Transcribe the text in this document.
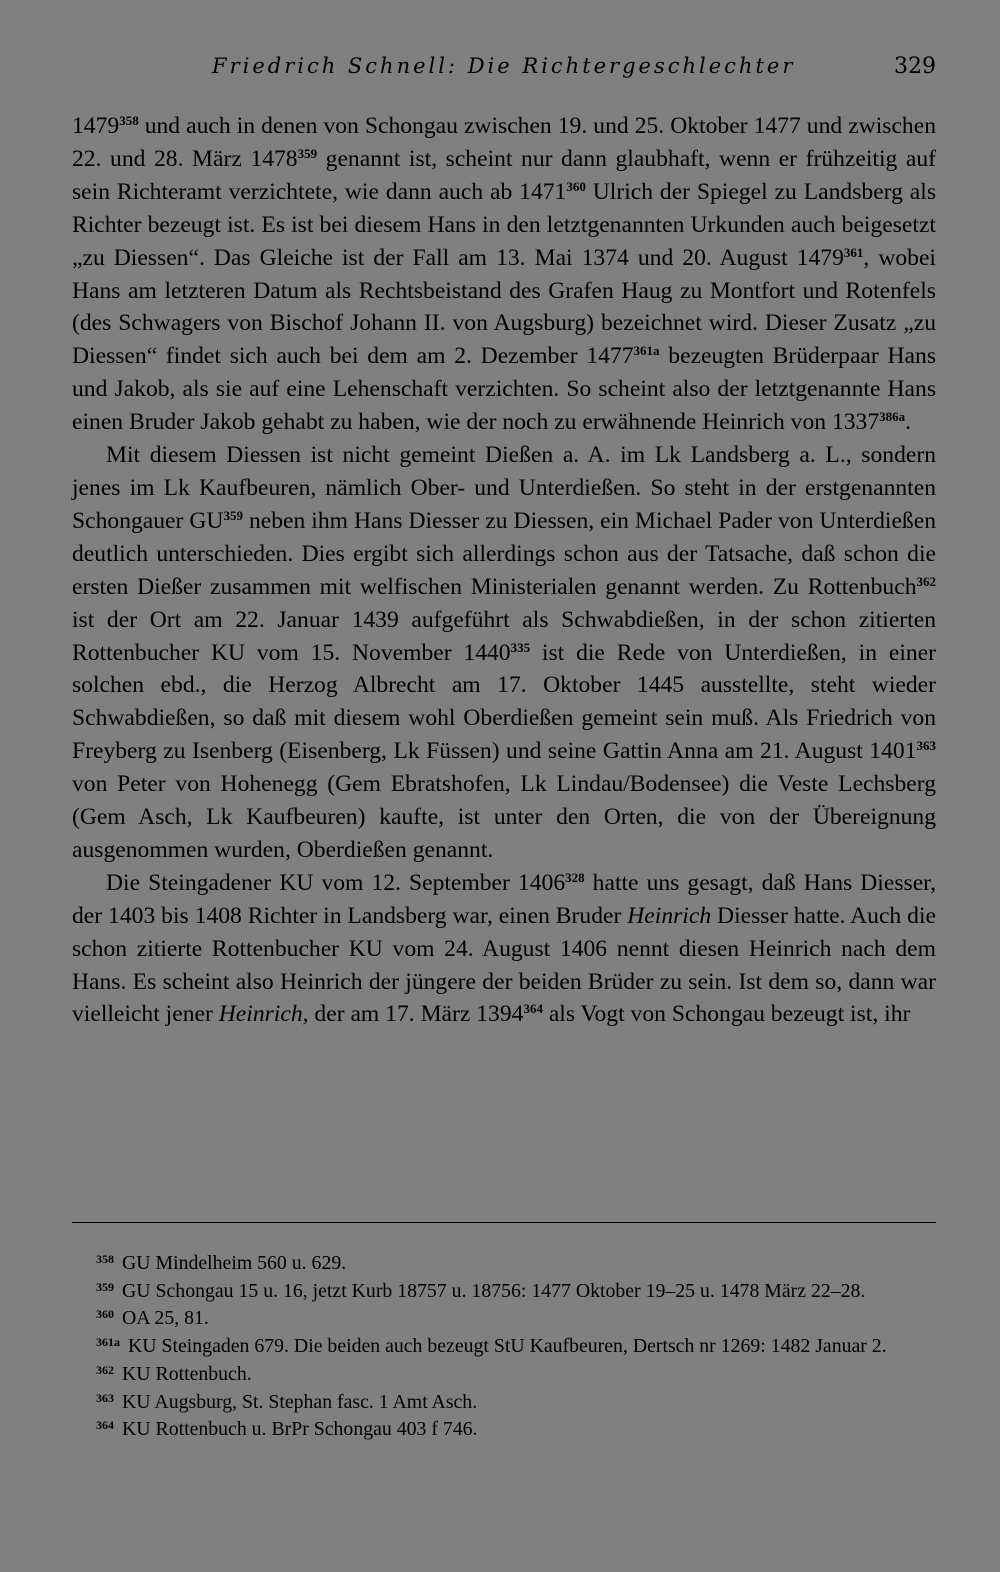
Friedrich Schnell: Die Richtergeschlechter	329

1479$^{358}$ und auch in denen von Schongau zwischen 19. und 25. Oktober 1477 und zwischen 22. und 28. März 1478$^{359}$ genannt ist, scheint nur dann glaubhaft, wenn er frühzeitig auf sein Richteramt verzichtete, wie dann auch ab 1471$^{360}$ Ulrich der Spiegel zu Landsberg als Richter bezeugt ist. Es ist bei diesem Hans in den letztgenannten Urkunden auch beigesetzt „zu Diessen“. Das Gleiche ist der Fall am 13. Mai 1374 und 20. August 1479$^{361}$, wobei Hans am letzteren Datum als Rechtsbeistand des Grafen Haug zu Montfort und Rotenfels (des Schwagers von Bischof Johann II. von Augsburg) bezeichnet wird. Dieser Zusatz „zu Diessen“ findet sich auch bei dem am 2. Dezember $1477^{361a}$ bezeugten Brüderpaar Hans und Jakob, als sie auf eine Lehenschaft verzichten. So scheint also der letztgenannte Hans einen Bruder Jakob gehabt zu haben, wie der noch zu erwähnende Heinrich von $1337^{386a}$.

Mit diesem Diessen ist nicht gemeint Dießen a. A. im Lk Landsberg a. L., sondern jenes im Lk Kaufbeuren, nämlich Ober- und Unterdießen. So steht in der erstgenannten Schongauer GU$^{359}$ neben ihm Hans Diesser zu Diessen, ein Michael Pader von Unterdießen deutlich unterschieden. Dies ergibt sich allerdings schon aus der Tatsache, daß schon die ersten Dießer zusammen mit welfischen Ministerialen genannt werden. Zu Rottenbuch$^{362}$ ist der Ort am 22. Januar 1439 aufgeführt als Schwabdießen, in der schon zitierten Rottenbucher KU vom 15. November 1440$^{335}$ ist die Rede von Unterdießen, in einer solchen ebd., die Herzog Albrecht am 17. Oktober 1445 ausstellte, steht wieder Schwabdießen, so daß mit diesem wohl Oberdießen gemeint sein muß. Als Friedrich von Freyberg zu Isenberg (Eisenberg, Lk Füssen) und seine Gattin Anna am 21. August 1401$^{363}$ von Peter von Hohenegg (Gem Ebratshofen, Lk Lindau/Bodensee) die Veste Lechsberg (Gem Asch, Lk Kaufbeuren) kaufte, ist unter den Orten, die von der Übereignung ausgenommen wurden, Oberdießen genannt.

Die Steingadener KU vom 12. September 1406$^{328}$ hatte uns gesagt, daß Hans Diesser, der 1403 bis 1408 Richter in Landsberg war, einen Bruder Heinrich Diesser hatte. Auch die schon zitierte Rottenbucher KU vom 24. August 1406 nennt diesen Heinrich nach dem Hans. Es scheint also Heinrich der jüngere der beiden Brüder zu sein. Ist dem so, dann war vielleicht jener Heinrich, der am 17. März 1394$^{364}$ als Vogt von Schongau bezeugt ist, ihr

$^{358}$ GU Mindelheim 560 u. 629.

$^{359}$ GU Schongau 15 u. 16, jetzt Kurb 18757 u. 18756: 1477 Oktober 19–25 u. 1478 März 22–28.

$^{360}$ OA 25, 81.

$^{361a}$ KU Steingaden 679. Die beiden auch bezeugt StU Kaufbeuren, Dertsch nr 1269: 1482 Januar 2.

$^{362}$ KU Rottenbuch.

$^{363}$ KU Augsburg, St. Stephan fasc. 1 Amt Asch.

$^{364}$ KU Rottenbuch u. BrPr Schongau 403 f 746.
